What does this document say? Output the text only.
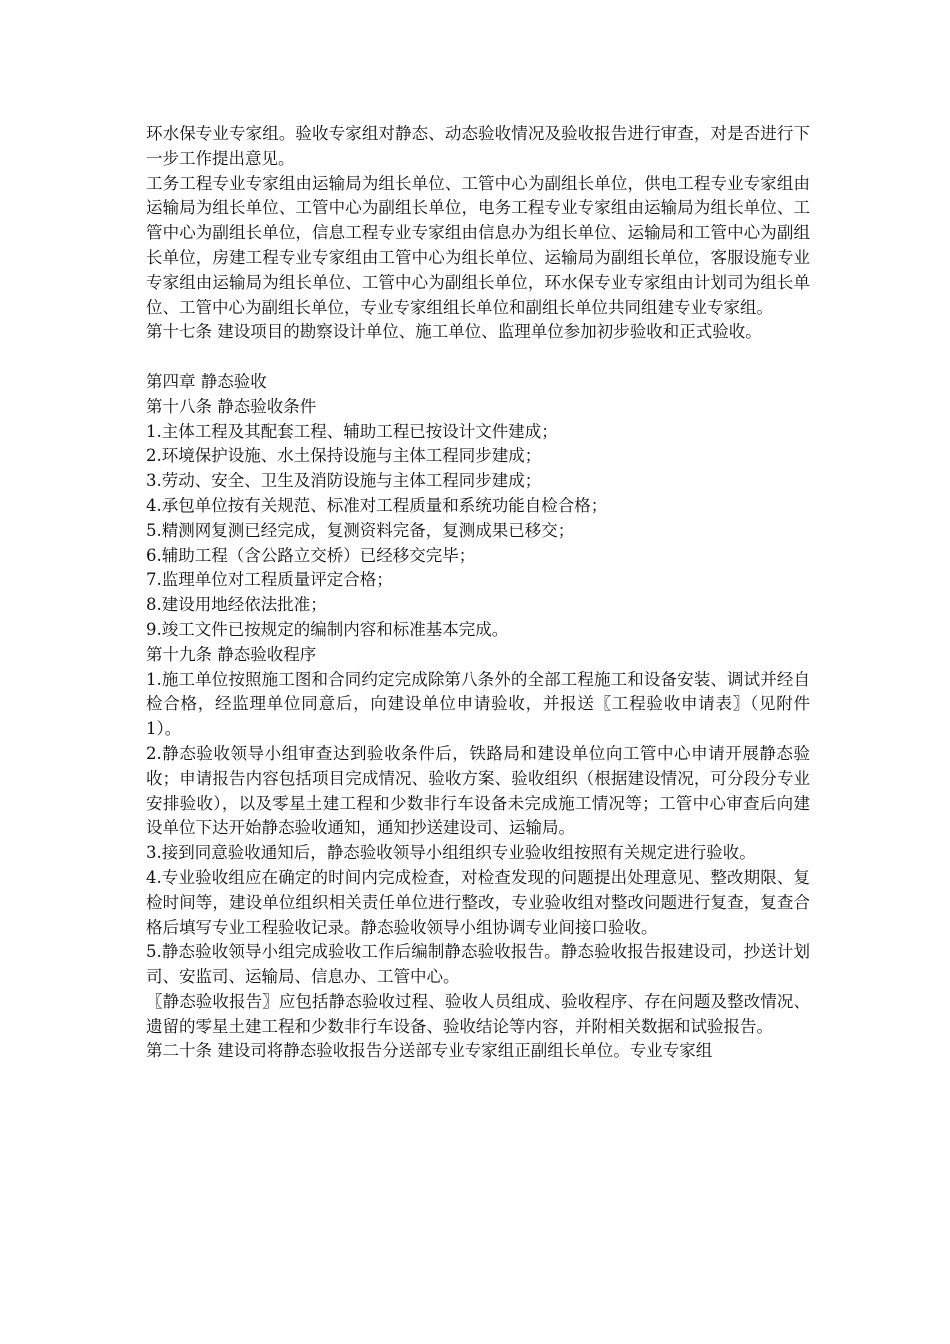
环水保专业专家组。验收专家组对静态、动态验收情况及验收报告进行审查，对是否进行下一步工作提出意见。

工务工程专业专家组由运输局为组长单位、工管中心为副组长单位，供电工程专业专家组由运输局为组长单位、工管中心为副组长单位，电务工程专业专家组由运输局为组长单位、工管中心为副组长单位，信息工程专业专家组由信息办为组长单位、运输局和工管中心为副组长单位，房建工程专业专家组由工管中心为组长单位、运输局为副组长单位，客服设施专业专家组由运输局为组长单位、工管中心为副组长单位，环水保专业专家组由计划司为组长单位、工管中心为副组长单位，专业专家组组长单位和副组长单位共同组建专业专家组。

第十七条 建设项目的勘察设计单位、施工单位、监理单位参加初步验收和正式验收。

第四章 静态验收

第十八条 静态验收条件

1.主体工程及其配套工程、辅助工程已按设计文件建成；

2.环境保护设施、水土保持设施与主体工程同步建成；

3.劳动、安全、卫生及消防设施与主体工程同步建成；

4.承包单位按有关规范、标准对工程质量和系统功能自检合格；

5.精测网复测已经完成，复测资料完备，复测成果已移交；

6.辅助工程（含公路立交桥）已经移交完毕；

7.监理单位对工程质量评定合格；

8.建设用地经依法批准；

9.竣工文件已按规定的编制内容和标准基本完成。

第十九条 静态验收程序

1.施工单位按照施工图和合同约定完成除第八条外的全部工程施工和设备安装、调试并经自检合格，经监理单位同意后，向建设单位申请验收，并报送〖工程验收申请表〗（见附件 1）。

2.静态验收领导小组审查达到验收条件后，铁路局和建设单位向工管中心申请开展静态验收；申请报告内容包括项目完成情况、验收方案、验收组织（根据建设情况，可分段分专业安排验收），以及零星土建工程和少数非行车设备未完成施工情况等；工管中心审查后向建设单位下达开始静态验收通知，通知抄送建设司、运输局。

3.接到同意验收通知后，静态验收领导小组组织专业验收组按照有关规定进行验收。

4.专业验收组应在确定的时间内完成检查，对检查发现的问题提出处理意见、整改期限、复检时间等，建设单位组织相关责任单位进行整改，专业验收组对整改问题进行复查，复查合格后填写专业工程验收记录。静态验收领导小组协调专业间接口验收。

5.静态验收领导小组完成验收工作后编制静态验收报告。静态验收报告报建设司，抄送计划司、安监司、运输局、信息办、工管中心。

〖静态验收报告〗应包括静态验收过程、验收人员组成、验收程序、存在问题及整改情况、遗留的零星土建工程和少数非行车设备、验收结论等内容，并附相关数据和试验报告。

第二十条 建设司将静态验收报告分送部专业专家组正副组长单位。专业专家组
